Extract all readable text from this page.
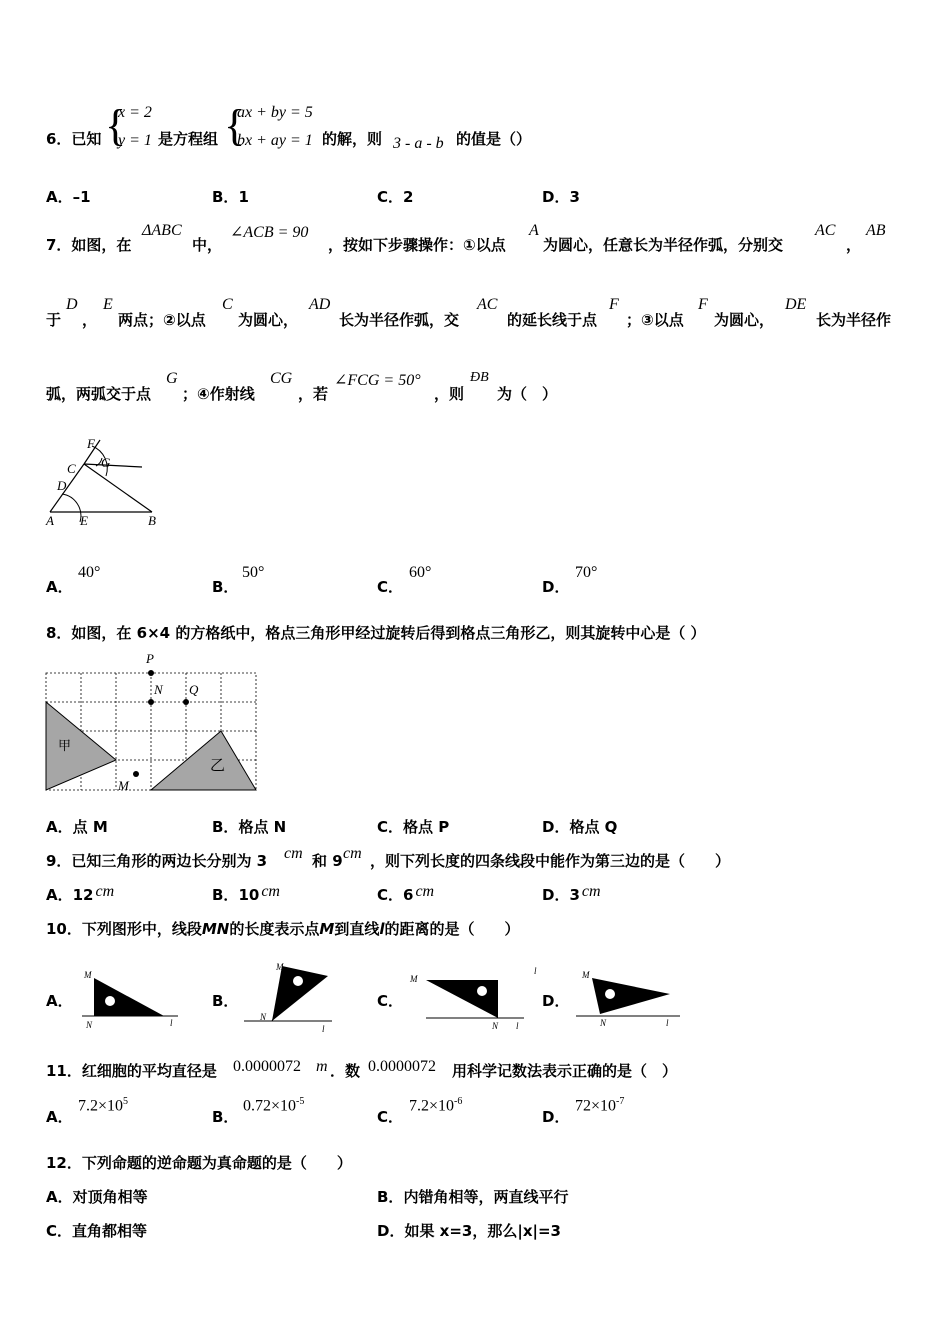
6．已知 {
x = 2
y = 1 是方程组 {
ax + by = 5
bx + ay = 1 的解，则 3 - a - b 的值是（）
A．–1	B．1	C．2	D．3
7．如图，在
ΔABC
中，
∠ACB = 90
，按如下步骤操作：①以点
A
为圆心，任意长为半径作弧，分别交
AC
，
AB
于
D
，
E
两点；②以点
C
为圆心，
AD
长为半径作弧，交
AC
的延长线于点
F
；③以点
F
为圆心，
DE
长为半径作
弧，两弧交于点
G
；④作射线
CG
，若
∠FCG = 50°
，则
ÐB
为（　）
F
G
C
D
A E	B
A．
40°
B．
50°
C．
60°
D．
70°
8．如图，在 6×4 的方格纸中，格点三角形甲经过旋转后得到格点三角形乙，则其旋转中心是（ ）
P
N Q
甲
M
乙
A．点 M	B．格点 N	C．格点 P	D．格点 Q
9．已知三角形的两边长分别为 3 cm 和 9 cm ，则下列长度的四条线段中能作为第三边的是（　　）
A．12 cm	B．10 cm	C．6 cm	D．3 cm
10．下列图形中，线段MN的长度表示点M到直线l的距离的是（　　）
A．	B．	C．	D．
M
N	l
M
N
l
M
N l
l	M
N	l
11．红细胞的平均直径是 0.0000072 m ．数 0.0000072 用科学记数法表示正确的是（　）
A．
$7.2\times 10^5$
B．
$0.72\times 10^{-5}$
C．
$7.2\times 10^{-6}$
D．
$72\times 10^{-7}$
12．下列命题的逆命题为真命题的是（　　）
A．对顶角相等	B．内错角相等，两直线平行
C．直角都相等	D．如果 x=3，那么|x|=3
